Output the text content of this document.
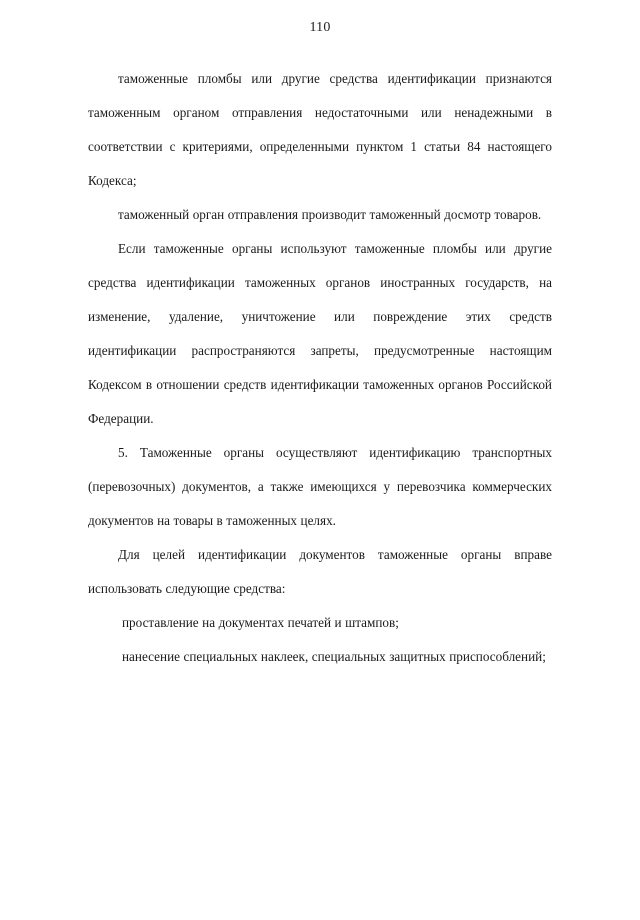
110

таможенные пломбы или другие средства идентификации признаются таможенным органом отправления недостаточными или ненадежными в соответствии с критериями, определенными пунктом 1 статьи 84 настоящего Кодекса;

таможенный орган отправления производит таможенный досмотр товаров.

Если таможенные органы используют таможенные пломбы или другие средства идентификации таможенных органов иностранных государств, на изменение, удаление, уничтожение или повреждение этих средств идентификации распространяются запреты, предусмотренные настоящим Кодексом в отношении средств идентификации таможенных органов Российской Федерации.

5. Таможенные органы осуществляют идентификацию транспортных (перевозочных) документов, а также имеющихся у перевозчика коммерческих документов на товары в таможенных целях.

Для целей идентификации документов таможенные органы вправе использовать следующие средства:

проставление на документах печатей и штампов;

нанесение специальных наклеек, специальных защитных приспособлений;
